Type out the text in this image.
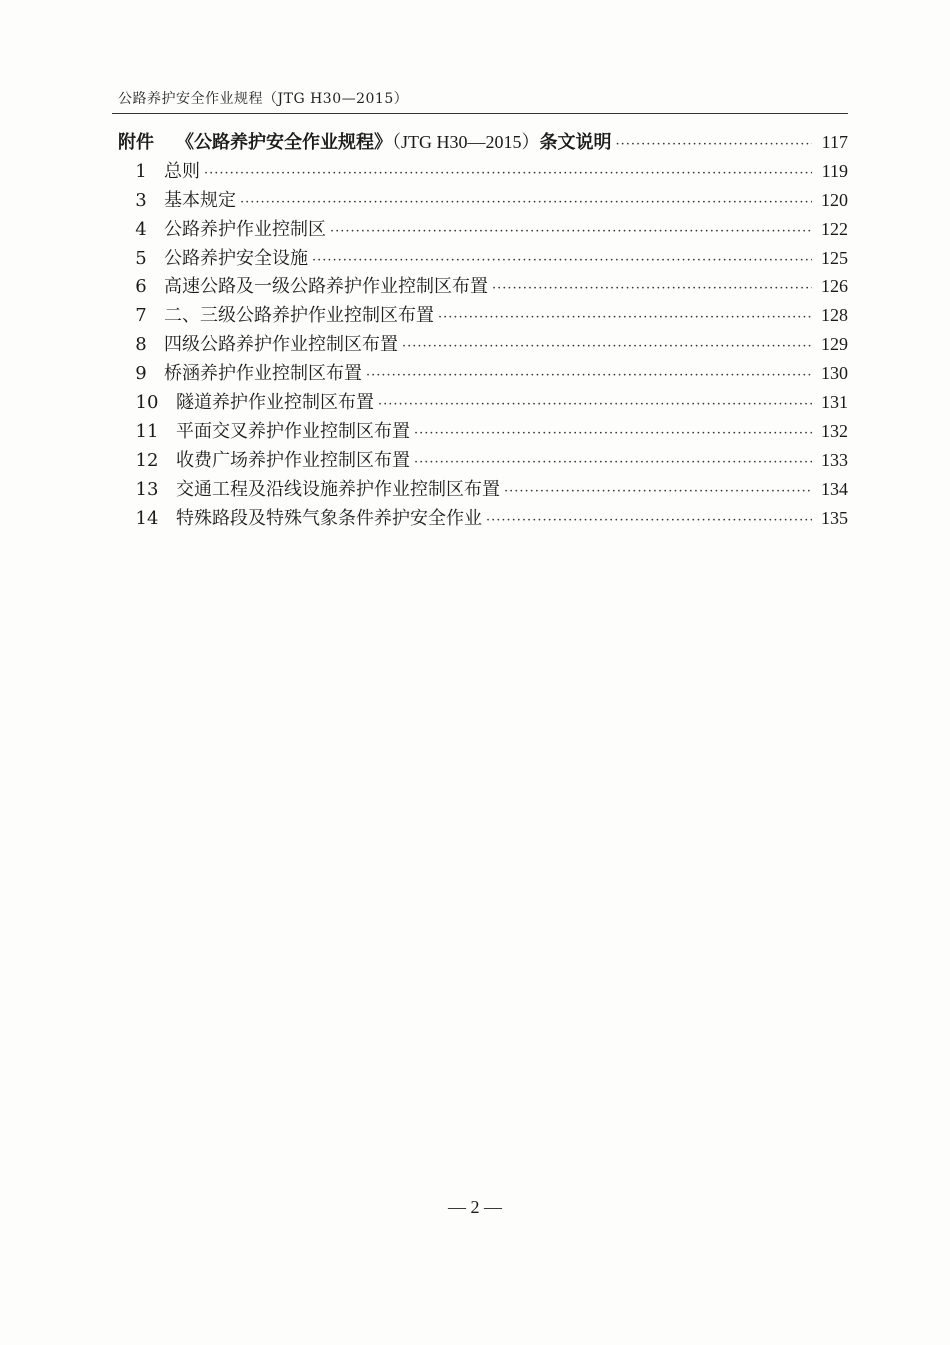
公路养护安全作业规程（JTG H30—2015）
附件	《公路养护安全作业规程》（JTG H30—2015）条文说明 ·····	117
1 总则 ·····	119
3 基本规定 ·····	120
4 公路养护作业控制区 ·····	122
5 公路养护安全设施 ·····	125
6 高速公路及一级公路养护作业控制区布置 ·····	126
7 二、三级公路养护作业控制区布置 ·····	128
8 四级公路养护作业控制区布置 ·····	129
9 桥涵养护作业控制区布置 ·····	130
10 隧道养护作业控制区布置 ·····	131
11 平面交叉养护作业控制区布置 ·····	132
12 收费广场养护作业控制区布置 ·····	133
13 交通工程及沿线设施养护作业控制区布置 ·····	134
14 特殊路段及特殊气象条件养护安全作业 ·····	135
— 2 —
